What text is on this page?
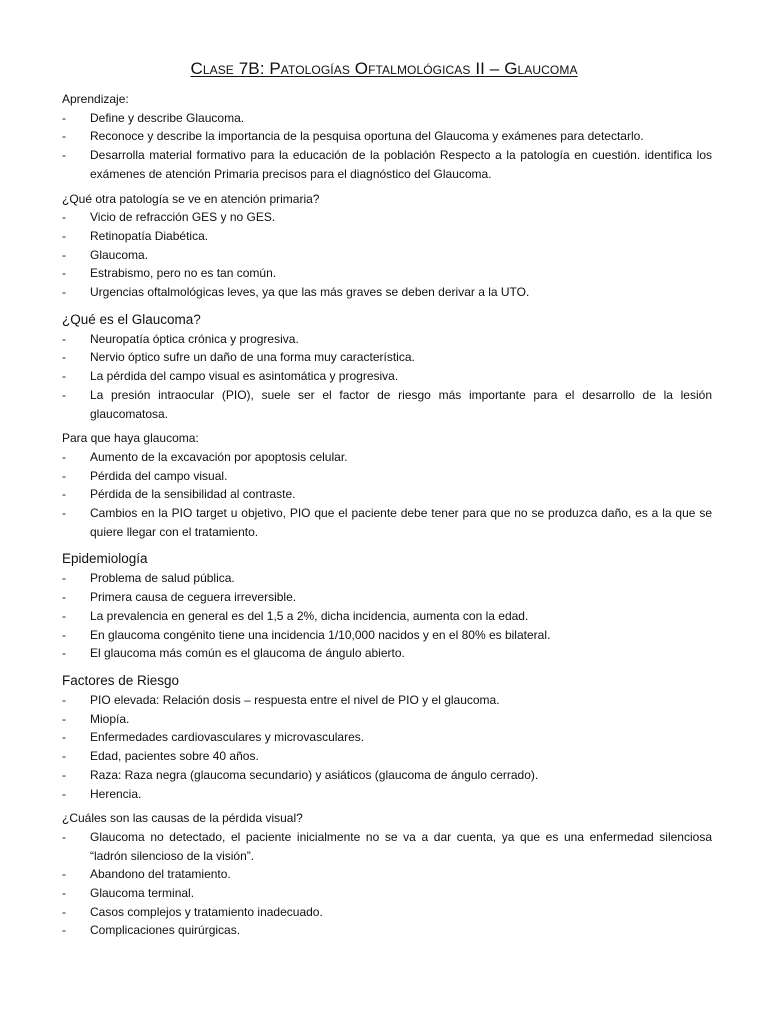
Clase 7B: Patologías Oftalmológicas II – Glaucoma
Aprendizaje:
-	Define y describe Glaucoma.
-	Reconoce y describe la importancia de la pesquisa oportuna del Glaucoma y exámenes para detectarlo.
-	Desarrolla material formativo para la educación de la población Respecto a la patología en cuestión. identifica los exámenes de atención Primaria precisos para el diagnóstico del Glaucoma.
¿Qué otra patología se ve en atención primaria?
-	Vicio de refracción GES y no GES.
-	Retinopatía Diabética.
-	Glaucoma.
-	Estrabismo, pero no es tan común.
-	Urgencias oftalmológicas leves, ya que las más graves se deben derivar a la UTO.
¿Qué es el Glaucoma?
-	Neuropatía óptica crónica y progresiva.
-	Nervio óptico sufre un daño de una forma muy característica.
-	La pérdida del campo visual es asintomática y progresiva.
-	La presión intraocular (PIO), suele ser el factor de riesgo más importante para el desarrollo de la lesión glaucomatosa.
Para que haya glaucoma:
-	Aumento de la excavación por apoptosis celular.
-	Pérdida del campo visual.
-	Pérdida de la sensibilidad al contraste.
-	Cambios en la PIO target u objetivo, PIO que el paciente debe tener para que no se produzca daño, es a la que se quiere llegar con el tratamiento.
Epidemiología
-	Problema de salud pública.
-	Primera causa de ceguera irreversible.
-	La prevalencia en general es del 1,5 a 2%, dicha incidencia, aumenta con la edad.
-	En glaucoma congénito tiene una incidencia 1/10,000 nacidos y en el 80% es bilateral.
-	El glaucoma más común es el glaucoma de ángulo abierto.
Factores de Riesgo
-	PIO elevada: Relación dosis – respuesta entre el nivel de PIO y el glaucoma.
-	Miopía.
-	Enfermedades cardiovasculares y microvasculares.
-	Edad, pacientes sobre 40 años.
-	Raza: Raza negra (glaucoma secundario) y asiáticos (glaucoma de ángulo cerrado).
-	Herencia.
¿Cuáles son las causas de la pérdida visual?
-	Glaucoma no detectado, el paciente inicialmente no se va a dar cuenta, ya que es una enfermedad silenciosa “ladrón silencioso de la visión”.
-	Abandono del tratamiento.
-	Glaucoma terminal.
-	Casos complejos y tratamiento inadecuado.
-	Complicaciones quirúrgicas.
